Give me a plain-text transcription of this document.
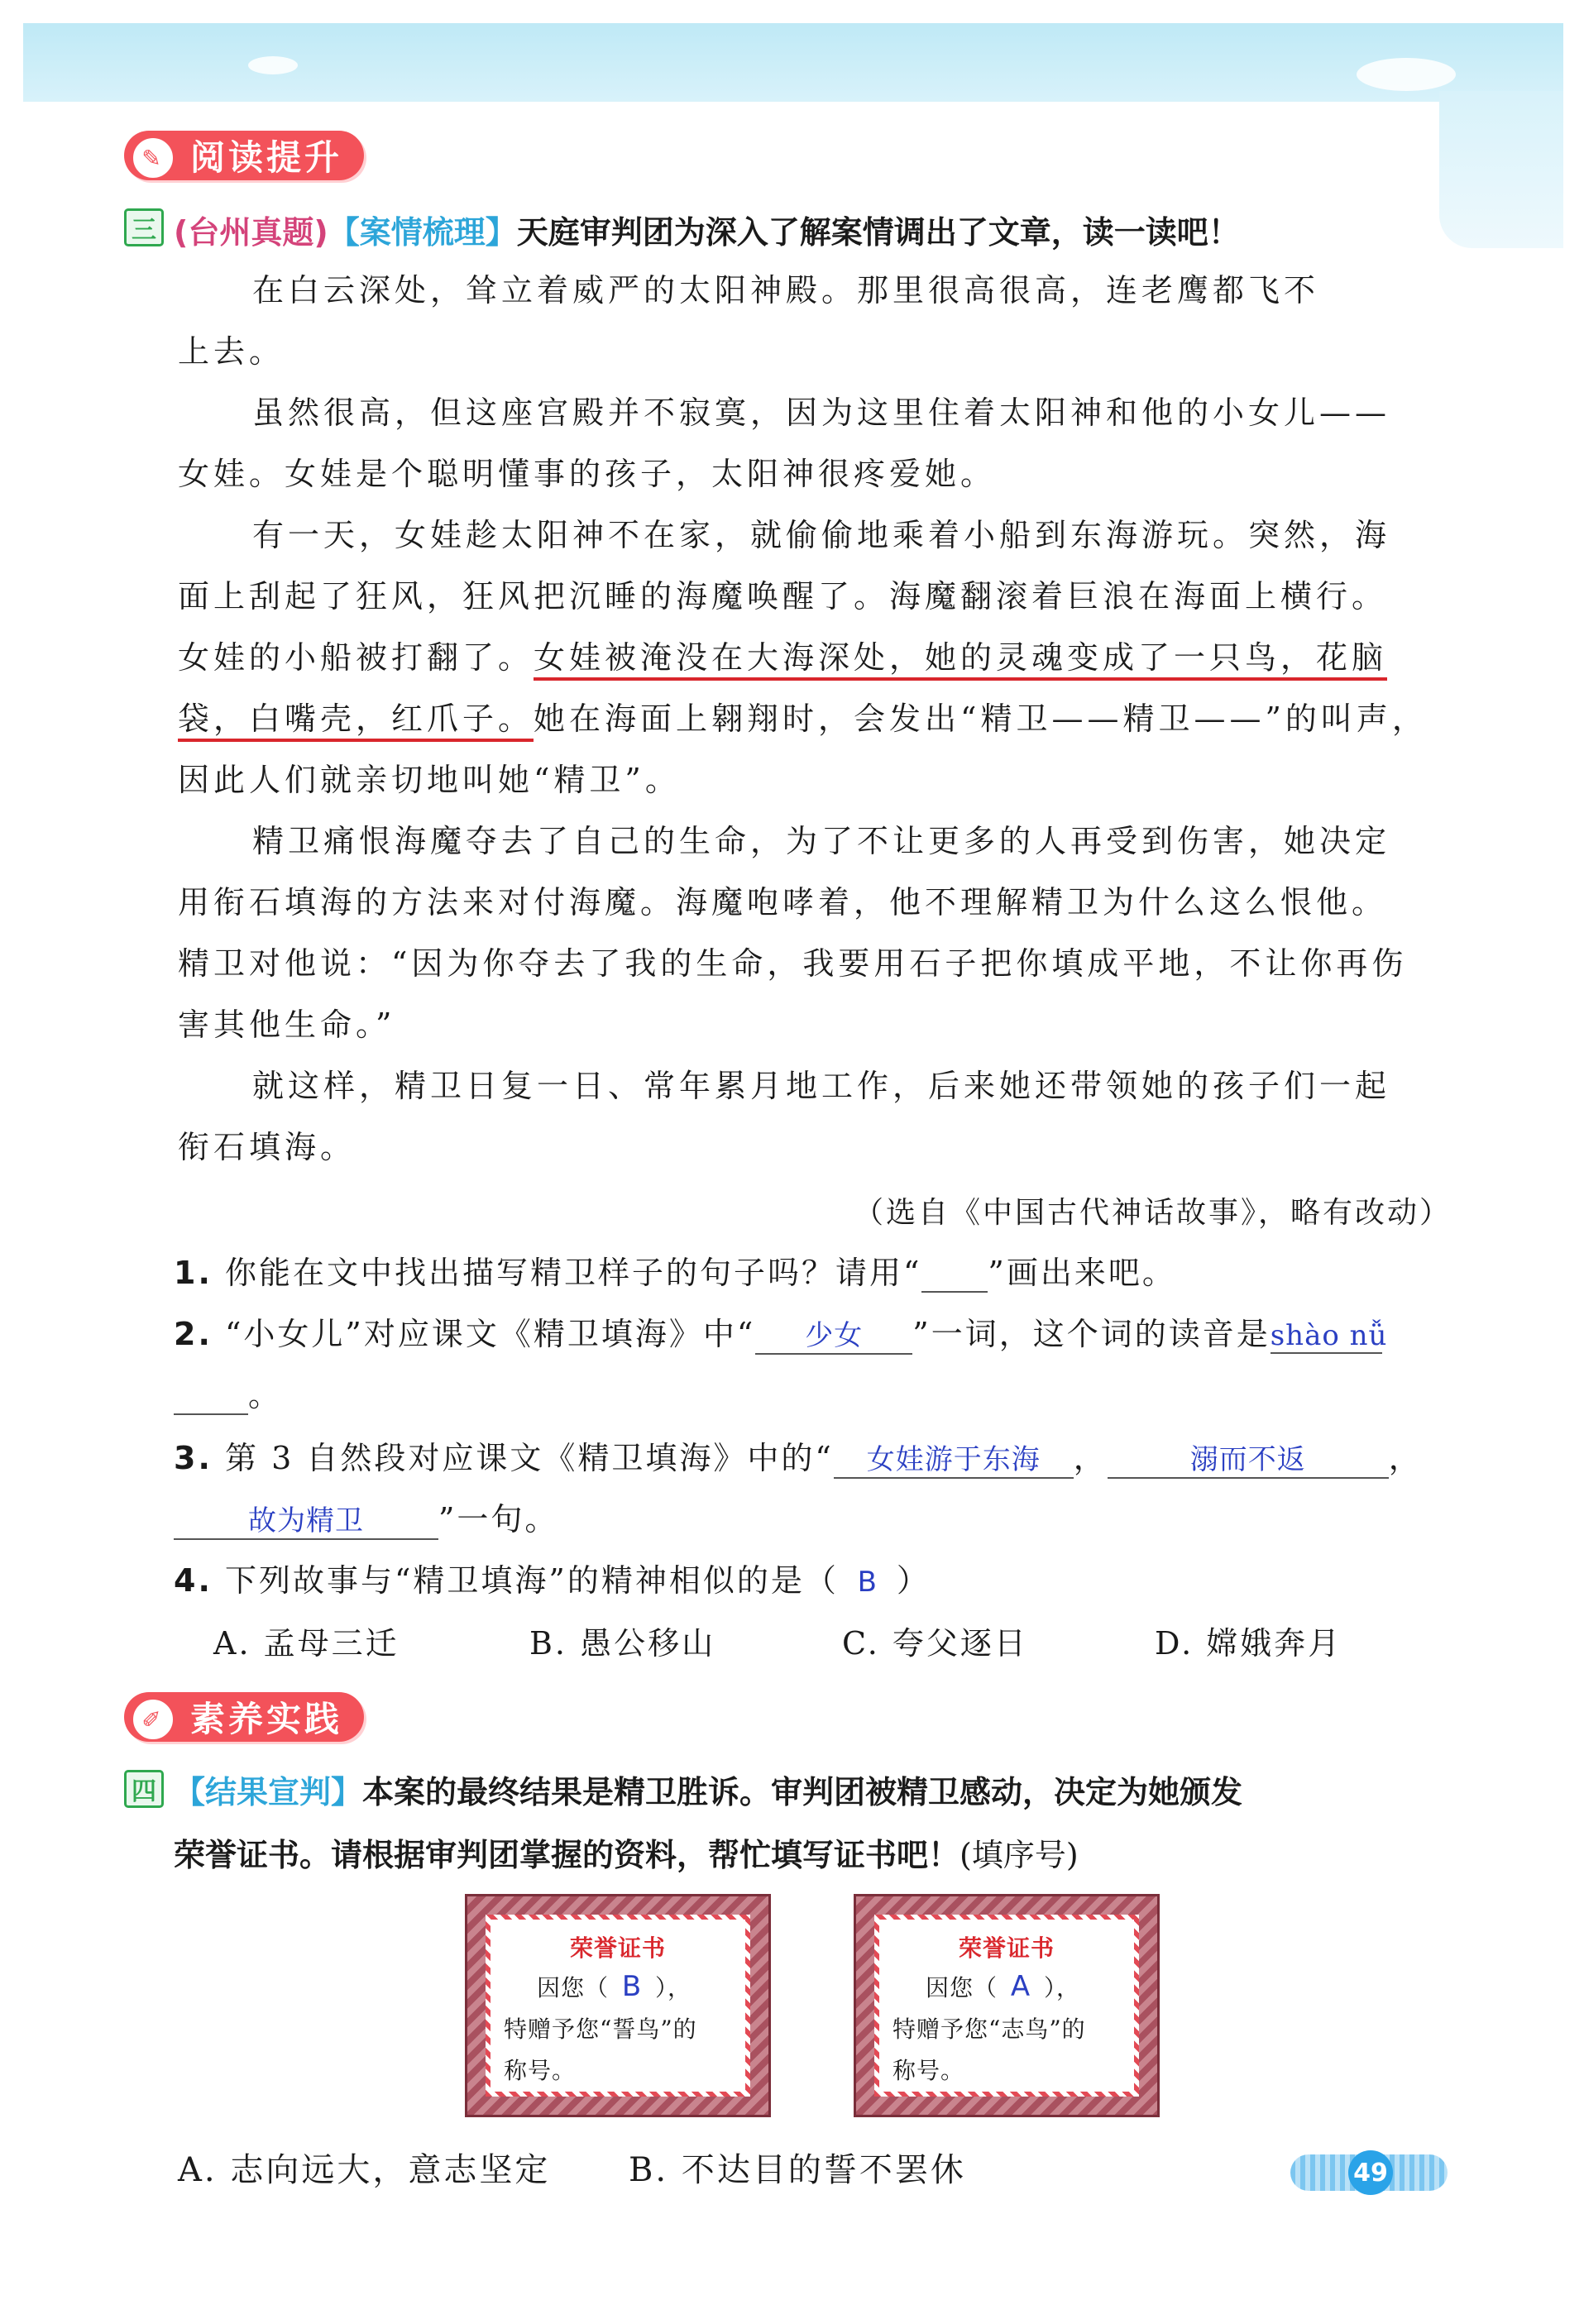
✎ 阅读提升
三 (台州真题)【案情梳理】天庭审判团为深入了解案情调出了文章，读一读吧！
在白云深处，耸立着威严的太阳神殿。那里很高很高，连老鹰都飞不
上去。
虽然很高，但这座宫殿并不寂寞，因为这里住着太阳神和他的小女儿——
女娃。女娃是个聪明懂事的孩子，太阳神很疼爱她。
有一天，女娃趁太阳神不在家，就偷偷地乘着小船到东海游玩。突然，海
面上刮起了狂风，狂风把沉睡的海魔唤醒了。海魔翻滚着巨浪在海面上横行。
女娃的小船被打翻了。女娃被淹没在大海深处，她的灵魂变成了一只鸟，花脑
袋，白嘴壳，红爪子。她在海面上翱翔时，会发出“精卫——精卫——”的叫声，
因此人们就亲切地叫她“精卫”。
精卫痛恨海魔夺去了自己的生命，为了不让更多的人再受到伤害，她决定
用衔石填海的方法来对付海魔。海魔咆哮着，他不理解精卫为什么这么恨他。
精卫对他说：“因为你夺去了我的生命，我要用石子把你填成平地，不让你再伤
害其他生命。”
就这样，精卫日复一日、常年累月地工作，后来她还带领她的孩子们一起
衔石填海。
（选自《中国古代神话故事》，略有改动）
1. 你能在文中找出描写精卫样子的句子吗？请用“ ”画出来吧。
2. “小女儿”对应课文《精卫填海》中“ 少女 ”一词，这个词的读音是shào nǚ
。
3. 第 3 自然段对应课文《精卫填海》中的“ 女娃游于东海 ，	溺而不返	，
故为精卫 ”一句。
4. 下列故事与“精卫填海”的精神相似的是（ B ）
A. 孟母三迁	B. 愚公移山	C. 夸父逐日	D. 嫦娥奔月
✐ 素养实践
四 【结果宣判】本案的最终结果是精卫胜诉。审判团被精卫感动，决定为她颁发
荣誉证书。请根据审判团掌握的资料，帮忙填写证书吧！(填序号)
荣誉证书
因您（ B ），
特赠予您“誓鸟”的
称号。
荣誉证书
因您（ A ），
特赠予您“志鸟”的
称号。
A. 志向远大，意志坚定 B. 不达目的誓不罢休	49
